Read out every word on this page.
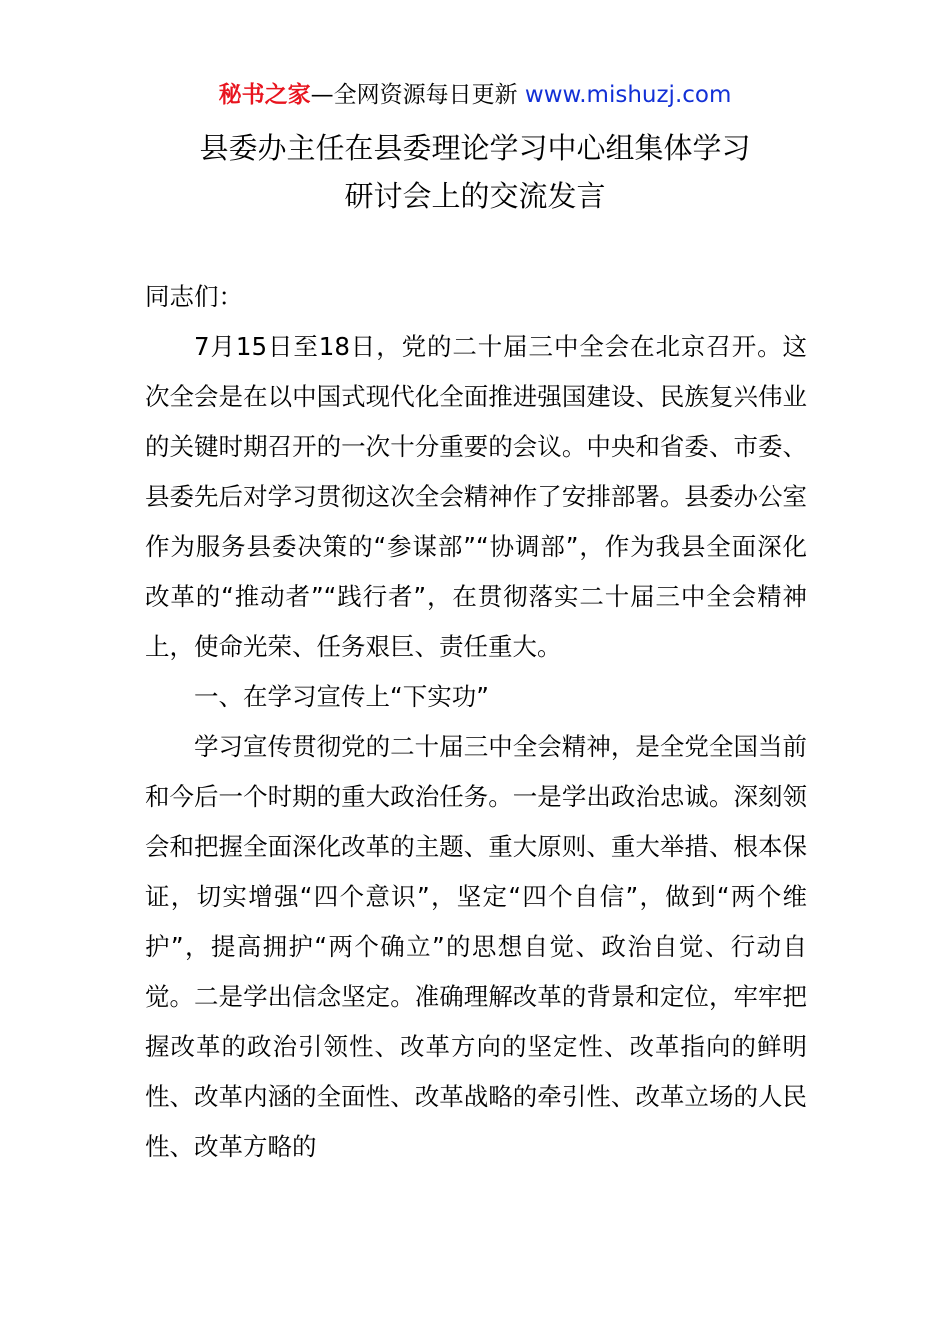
秘书之家—全网资源每日更新 www.mishuzj.com
县委办主任在县委理论学习中心组集体学习
研讨会上的交流发言

同志们：

7月15日至18日，党的二十届三中全会在北京召开。这次全会是在以中国式现代化全面推进强国建设、民族复兴伟业的关键时期召开的一次十分重要的会议。中央和省委、市委、县委先后对学习贯彻这次全会精神作了安排部署。县委办公室作为服务县委决策的“参谋部”“协调部”，作为我县全面深化改革的“推动者”“践行者”，在贯彻落实二十届三中全会精神上，使命光荣、任务艰巨、责任重大。

一、在学习宣传上“下实功”

学习宣传贯彻党的二十届三中全会精神，是全党全国当前和今后一个时期的重大政治任务。一是学出政治忠诚。深刻领会和把握全面深化改革的主题、重大原则、重大举措、根本保证，切实增强“四个意识”，坚定“四个自信”，做到“两个维护”，提高拥护“两个确立”的思想自觉、政治自觉、行动自觉。二是学出信念坚定。准确理解改革的背景和定位，牢牢把握改革的政治引领性、改革方向的坚定性、改革指向的鲜明性、改革内涵的全面性、改革战略的牵引性、改革立场的人民性、改革方略的
